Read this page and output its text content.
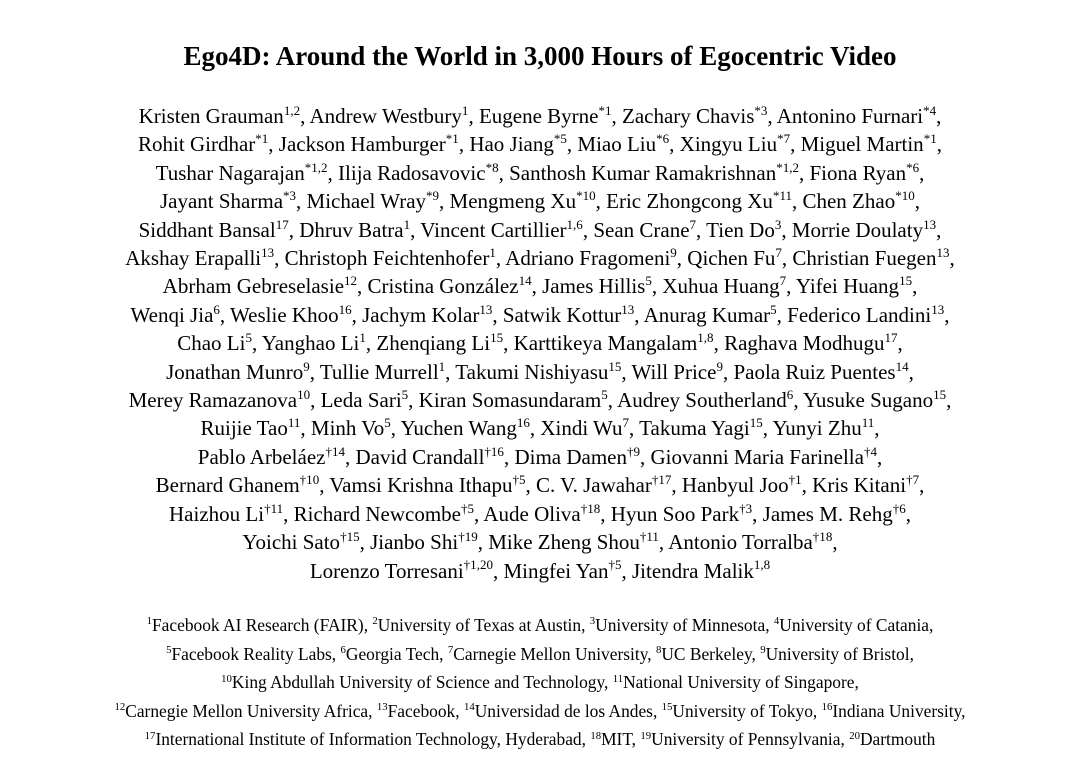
Ego4D: Around the World in 3,000 Hours of Egocentric Video
Kristen Grauman$^{1,2}$, Andrew Westbury$^1$, Eugene Byrne$^{*1}$, Zachary Chavis$^{*3}$, Antonino Furnari$^{*4}$,
Rohit Girdhar$^{*1}$, Jackson Hamburger$^{*1}$, Hao Jiang$^{*5}$, Miao Liu$^{*6}$, Xingyu Liu$^{*7}$, Miguel Martin$^{*1}$,
Tushar Nagarajan$^{*1,2}$, Ilija Radosavovic$^{*8}$, Santhosh Kumar Ramakrishnan$^{*1,2}$, Fiona Ryan$^{*6}$,
Jayant Sharma$^{*3}$, Michael Wray$^{*9}$, Mengmeng Xu$^{*10}$, Eric Zhongcong Xu$^{*11}$, Chen Zhao$^{*10}$,
Siddhant Bansal$^{17}$, Dhruv Batra$^1$, Vincent Cartillier$^{1,6}$, Sean Crane$^7$, Tien Do$^3$, Morrie Doulaty$^{13}$,
Akshay Erapalli$^{13}$, Christoph Feichtenhofer$^1$, Adriano Fragomeni$^9$, Qichen Fu$^7$, Christian Fuegen$^{13}$,
Abrham Gebreselasie$^{12}$, Cristina González$^{14}$, James Hillis$^5$, Xuhua Huang$^7$, Yifei Huang$^{15}$,
Wenqi Jia$^6$, Weslie Khoo$^{16}$, Jachym Kolar$^{13}$, Satwik Kottur$^{13}$, Anurag Kumar$^5$, Federico Landini$^{13}$,
Chao Li$^5$, Yanghao Li$^1$, Zhenqiang Li$^{15}$, Karttikeya Mangalam$^{1,8}$, Raghava Modhugu$^{17}$,
Jonathan Munro$^9$, Tullie Murrell$^1$, Takumi Nishiyasu$^{15}$, Will Price$^9$, Paola Ruiz Puentes$^{14}$,
Merey Ramazanova$^{10}$, Leda Sari$^5$, Kiran Somasundaram$^5$, Audrey Southerland$^6$, Yusuke Sugano$^{15}$,
Ruijie Tao$^{11}$, Minh Vo$^5$, Yuchen Wang$^{16}$, Xindi Wu$^7$, Takuma Yagi$^{15}$, Yunyi Zhu$^{11}$,
Pablo Arbeláez$^{\dagger 14}$, David Crandall$^{\dagger 16}$, Dima Damen$^{\dagger 9}$, Giovanni Maria Farinella$^{\dagger 4}$,
Bernard Ghanem$^{\dagger 10}$, Vamsi Krishna Ithapu$^{\dagger 5}$, C. V. Jawahar$^{\dagger 17}$, Hanbyul Joo$^{\dagger 1}$, Kris Kitani$^{\dagger 7}$,
Haizhou Li$^{\dagger 11}$, Richard Newcombe$^{\dagger 5}$, Aude Oliva$^{\dagger 18}$, Hyun Soo Park$^{\dagger 3}$, James M. Rehg$^{\dagger 6}$,
Yoichi Sato$^{\dagger 15}$, Jianbo Shi$^{\dagger 19}$, Mike Zheng Shou$^{\dagger 11}$, Antonio Torralba$^{\dagger 18}$,
Lorenzo Torresani$^{\dagger 1,20}$, Mingfei Yan$^{\dagger 5}$, Jitendra Malik$^{1,8}$
$^1$Facebook AI Research (FAIR), $^2$University of Texas at Austin, $^3$University of Minnesota, $^4$University of Catania,
$^5$Facebook Reality Labs, $^6$Georgia Tech, $^7$Carnegie Mellon University, $^8$UC Berkeley, $^9$University of Bristol,
$^{10}$King Abdullah University of Science and Technology, $^{11}$National University of Singapore,
$^{12}$Carnegie Mellon University Africa, $^{13}$Facebook, $^{14}$Universidad de los Andes, $^{15}$University of Tokyo, $^{16}$Indiana University,
$^{17}$International Institute of Information Technology, Hyderabad, $^{18}$MIT, $^{19}$University of Pennsylvania, $^{20}$Dartmouth
